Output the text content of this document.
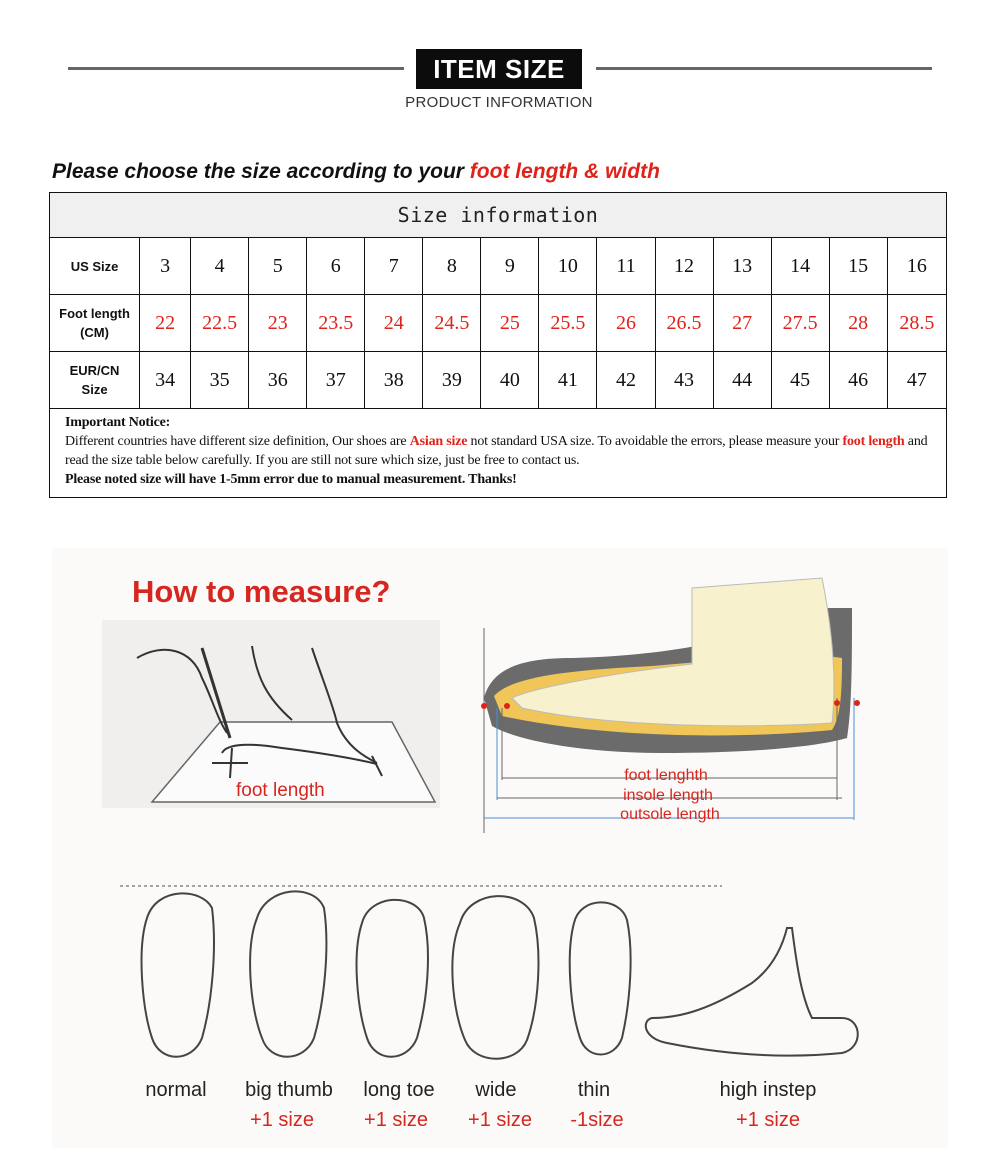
ITEM SIZE
PRODUCT INFORMATION
Please choose the size according to your foot length & width
Size information														

US Size	3	4	5	6	7	8	9	10	11	12	13	14	15	16

Foot length
(CM)	22	22.5	23	23.5	24	24.5	25	25.5	26	26.5	27	27.5	28	28.5

EUR/CN
Size	34	35	36	37	38	39	40	41	42	43	44	45	46	47

Important Notice:
Different countries have different size definition, Our shoes are Asian size not standard USA size. To avoidable the errors, please measure your foot length and read the size table below carefully. If you are still not sure which size, just be free to contact us.
Please noted size will have 1-5mm error due to manual measurement. Thanks!														
How to measure?
foot length
foot lenghth
insole length
outsole length
normal	big thumb
+1 size
long toe
+1 size
wide
+1 size
thin
-1size
high instep
+1 size
